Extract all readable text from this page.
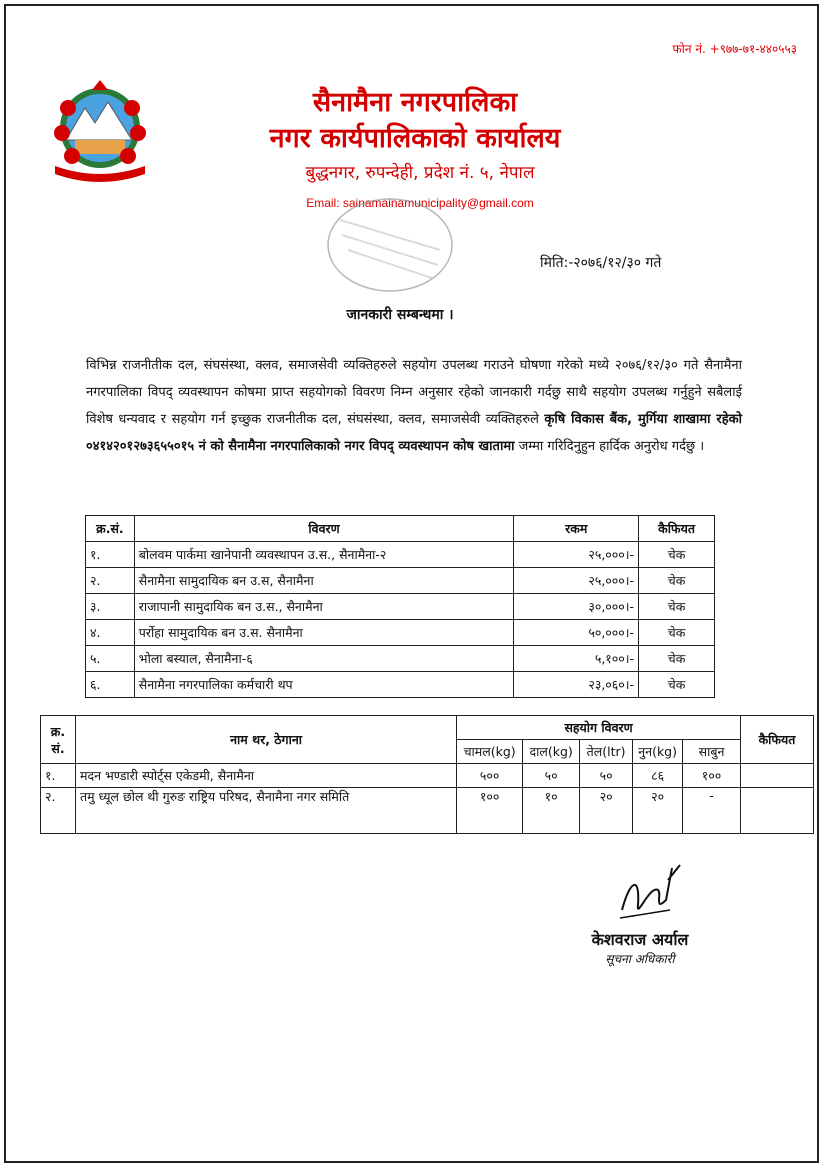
फोन नं. +९७७-७१-४४०५५३
सैनामैना नगरपालिका
नगर कार्यपालिकाको कार्यालय
बुद्धनगर, रुपन्देही, प्रदेश नं. ५, नेपाल
Email: sainamainamunicipality@gmail.com
मिति:-२०७६/१२/३० गते
जानकारी सम्बन्धमा ।
विभिन्न राजनीतीक दल, संघसंस्था, क्लव, समाजसेवी व्यक्तिहरुले सहयोग उपलब्ध गराउने घोषणा गरेको मध्ये २०७६/१२/३० गते सैनामैना नगरपालिका विपद् व्यवस्थापन कोषमा प्राप्त सहयोगको विवरण निम्न अनुसार रहेको जानकारी गर्दछु साथै सहयोग उपलब्ध गर्नुहुने सबैलाई विशेष धन्यवाद र सहयोग गर्न इच्छुक राजनीतीक दल, संघसंस्था, क्लव, समाजसेवी व्यक्तिहरुले कृषि विकास बैंक, मुर्गिया शाखामा रहेको ०४१४२०१२७३६५५०१५ नं को सैनामैना नगरपालिकाको नगर विपद् व्यवस्थापन कोष खातामा जम्मा गरिदिनुहुन हार्दिक अनुरोध गर्दछु ।
क्र.सं.	विवरण	रकम	कैफियत
१.	बोलवम पार्कमा खानेपानी व्यवस्थापन उ.स., सैनामैना-२	२५,०००।-	चेक
२.	सैनामैना सामुदायिक बन उ.स, सैनामैना	२५,०००।-	चेक
३.	राजापानी सामुदायिक बन उ.स., सैनामैना	३०,०००।-	चेक
४.	पर्रोहा सामुदायिक बन उ.स. सैनामैना	५०,०००।-	चेक
५.	भोला बस्याल, सैनामैना-६	५,१००।-	चेक
६.	सैनामैना नगरपालिका कर्मचारी थप	२३,०६०।-	चेक
क्र. सं.	नाम थर, ठेगाना	सहयोग विवरण					कैफियत
		चामल(kg)	दाल(kg)	तेल(ltr)	नुन(kg)	साबुन	
१.	मदन भण्डारी स्पोर्ट्स एकेडमी, सैनामैना	५००	५०	५०	८६	१००	
२.	तमु ध्यूल छोल थी गुरुङ राष्ट्रिय परिषद, सैनामैना नगर समिति	१००	१०	२०	२०	-	
केशवराज अर्याल
सूचना अधिकारी
